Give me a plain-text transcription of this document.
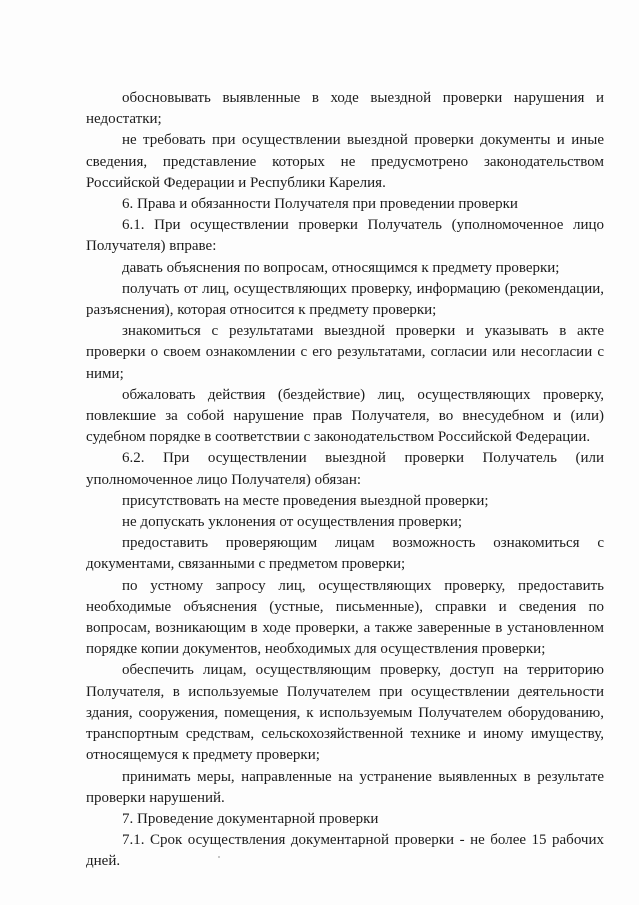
обосновывать выявленные в ходе выездной проверки нарушения и недостатки;

не требовать при осуществлении выездной проверки документы и иные сведения, представление которых не предусмотрено законодательством Российской Федерации и Республики Карелия.

6. Права и обязанности Получателя при проведении проверки

6.1. При осуществлении проверки Получатель (уполномоченное лицо Получателя) вправе:

давать объяснения по вопросам, относящимся к предмету проверки;

получать от лиц, осуществляющих проверку, информацию (рекомендации, разъяснения), которая относится к предмету проверки;

знакомиться с результатами выездной проверки и указывать в акте проверки о своем ознакомлении с его результатами, согласии или несогласии с ними;

обжаловать действия (бездействие) лиц, осуществляющих проверку, повлекшие за собой нарушение прав Получателя, во внесудебном и (или) судебном порядке в соответствии с законодательством Российской Федерации.

6.2. При осуществлении выездной проверки Получатель (или уполномоченное лицо Получателя) обязан:

присутствовать на месте проведения выездной проверки;

не допускать уклонения от осуществления проверки;

предоставить проверяющим лицам возможность ознакомиться с документами, связанными с предметом проверки;

по устному запросу лиц, осуществляющих проверку, предоставить необходимые объяснения (устные, письменные), справки и сведения по вопросам, возникающим в ходе проверки, а также заверенные в установленном порядке копии документов, необходимых для осуществления проверки;

обеспечить лицам, осуществляющим проверку, доступ на территорию Получателя, в используемые Получателем при осуществлении деятельности здания, сооружения, помещения, к используемым Получателем оборудованию, транспортным средствам, сельскохозяйственной технике и иному имуществу, относящемуся к предмету проверки;

принимать меры, направленные на устранение выявленных в результате проверки нарушений.

7. Проведение документарной проверки

7.1. Срок осуществления документарной проверки - не более 15 рабочих дней.
